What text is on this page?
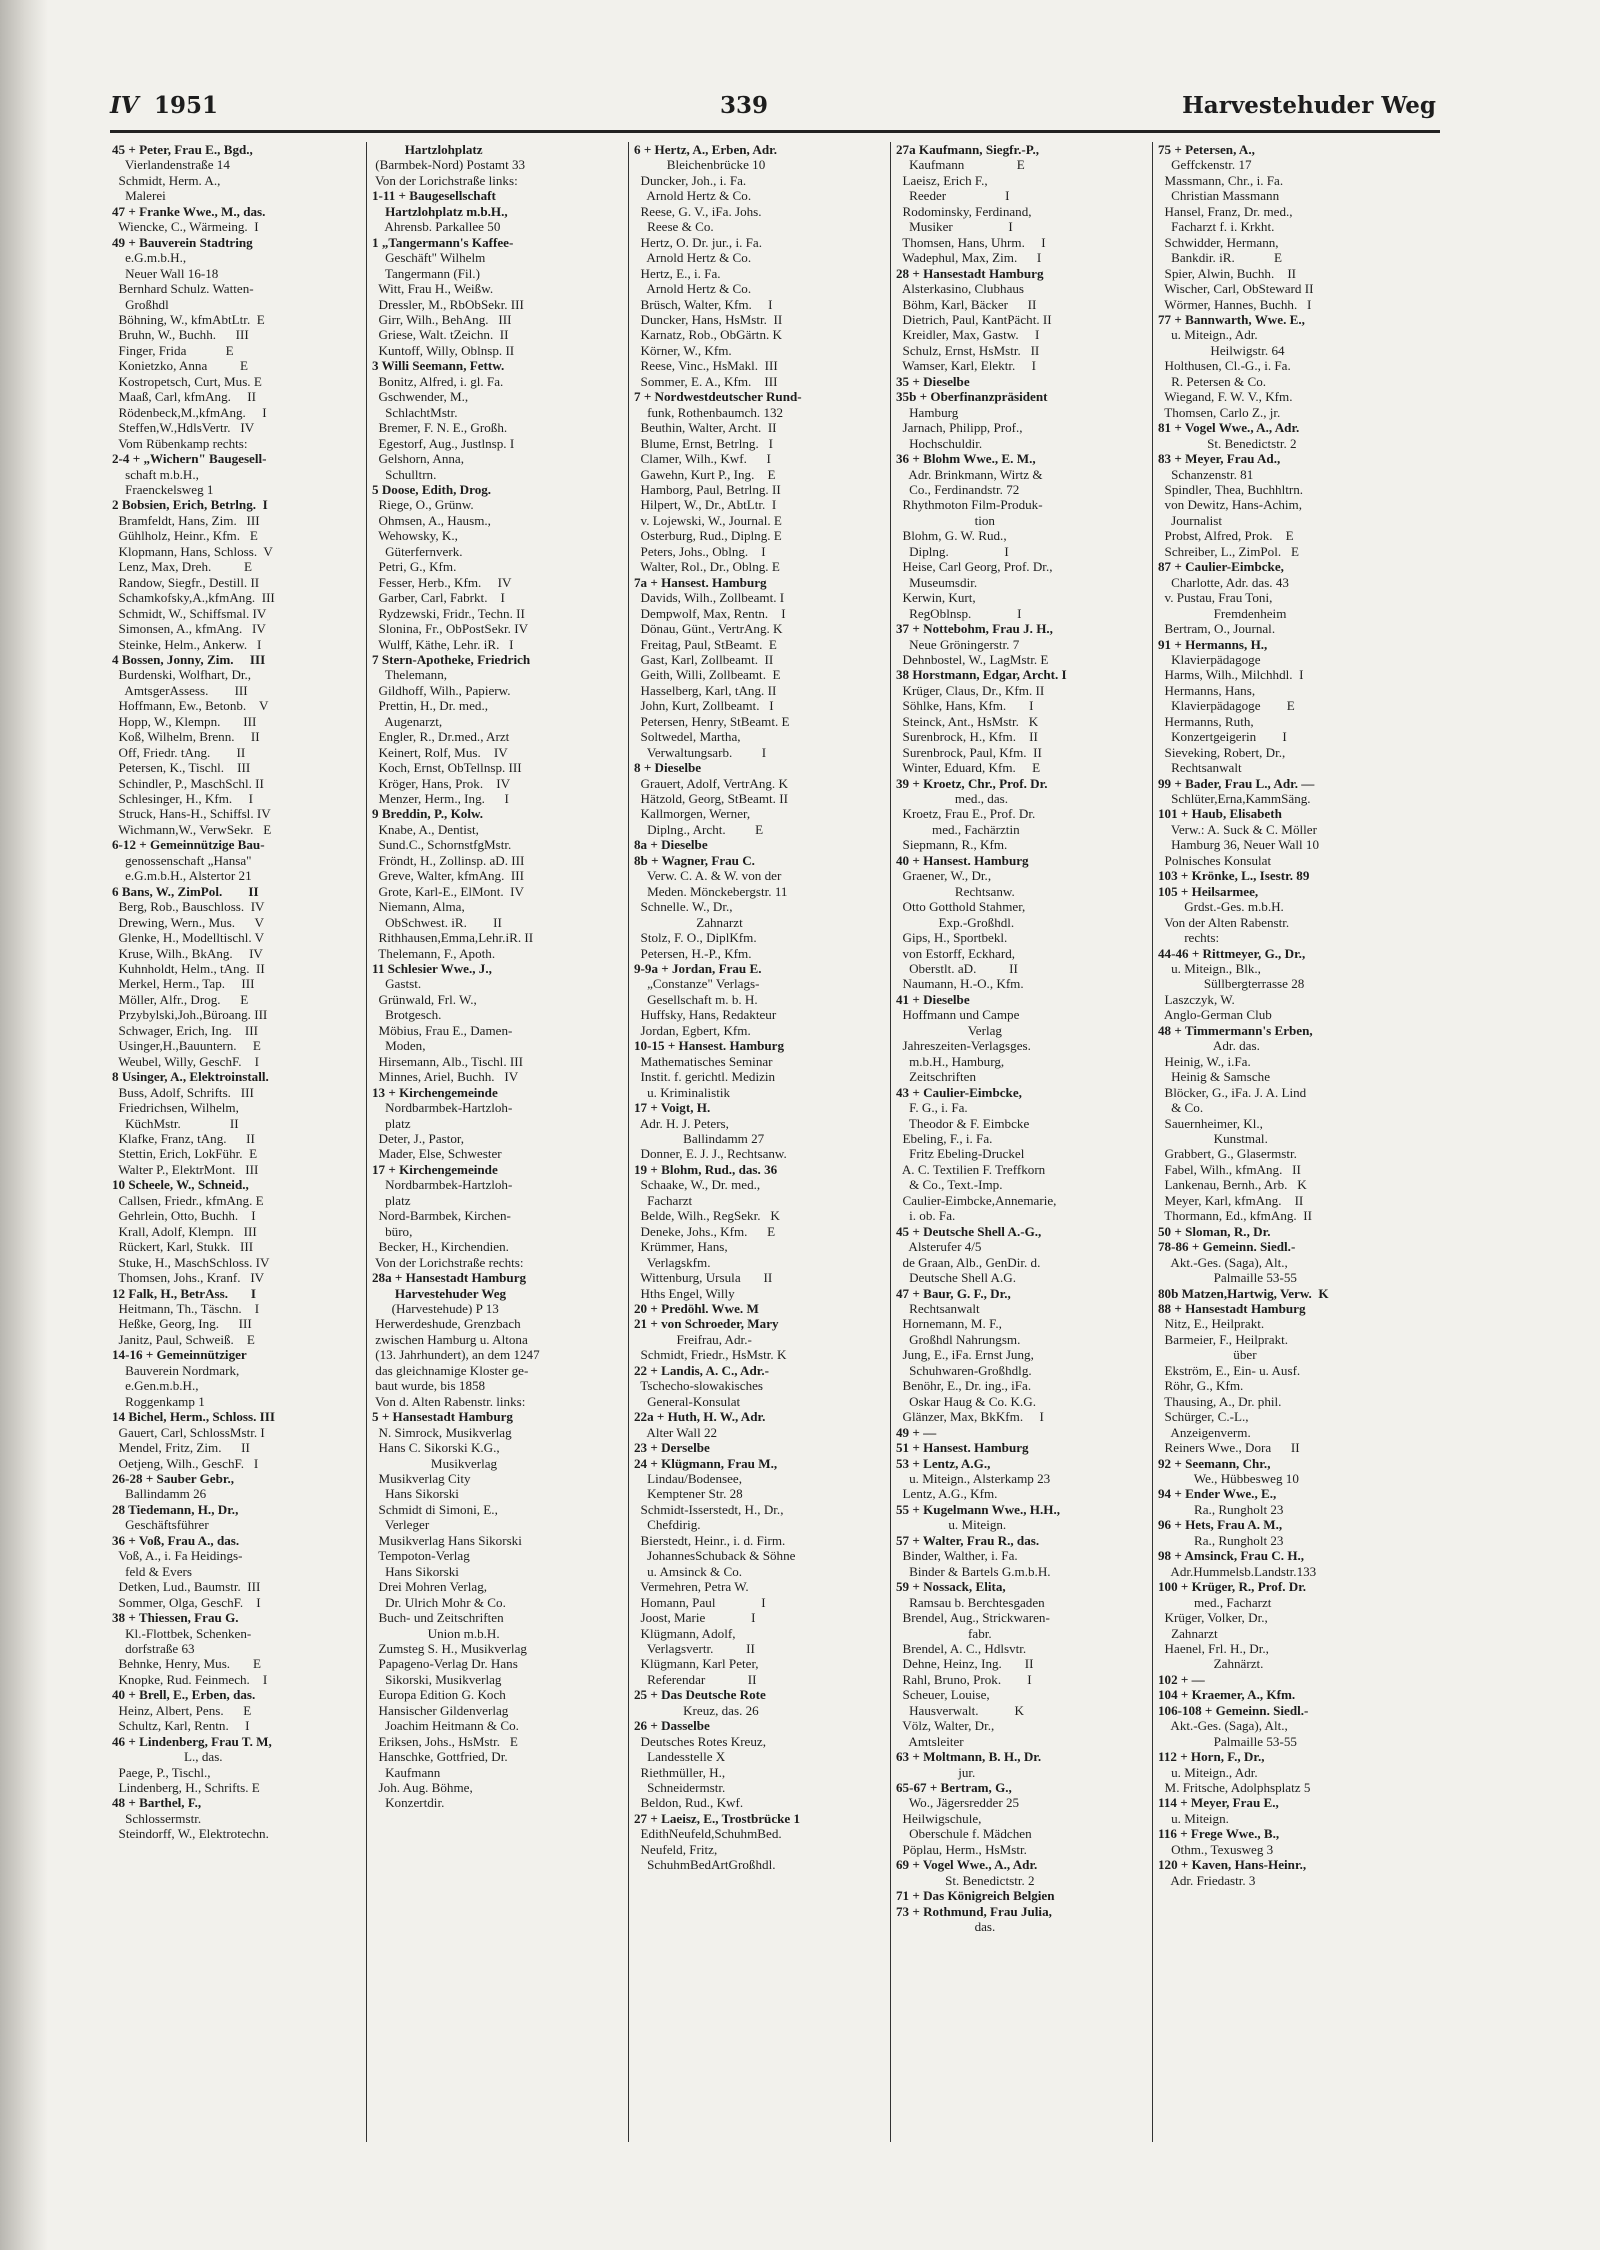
IV 1951	339	Harvestehuder Weg
45 + Peter, Frau E., Bgd.,
Vierlandenstraße 14
Schmidt, Herm. A.,
Malerei
47 + Franke Wwe., M., das.
Wiencke, C., Wärmeing.  I
49 + Bauverein Stadtring
e.G.m.b.H.,
Neuer Wall 16-18
Bernhard Schulz. Watten-
Großhdl
Böhning, W., kfmAbtLtr.  E
Bruhn, W., Buchh.      III
Finger, Frida            E
Konietzko, Anna          E
Kostropetsch, Curt, Mus. E
Maaß, Carl, kfmAng.     II
Rödenbeck,M.,kfmAng.     I
Steffen,W.,HdlsVertr.   IV
Vom Rübenkamp rechts:
2-4 + „Wichern" Baugesell-
schaft m.b.H.,
Fraenckelsweg 1
2 Bobsien, Erich, Betrlng.  I
Bramfeldt, Hans, Zim.   III
Gühlholz, Heinr., Kfm.   E
Klopmann, Hans, Schloss.  V
Lenz, Max, Dreh.          E
Randow, Siegfr., Destill. II
Schamkofsky,A.,kfmAng.  III
Schmidt, W., Schiffsmal. IV
Simonsen, A., kfmAng.   IV
Steinke, Helm., Ankerw.   I
4 Bossen, Jonny, Zim.     III
Burdenski, Wolfhart, Dr.,
AmtsgerAssess.        III
Hoffmann, Ew., Betonb.    V
Hopp, W., Klempn.       III
Koß, Wilhelm, Brenn.     II
Off, Friedr. tAng.        II
Petersen, K., Tischl.    III
Schindler, P., MaschSchl. II
Schlesinger, H., Kfm.     I
Struck, Hans-H., Schiffsl. IV
Wichmann,W., VerwSekr.   E
6-12 + Gemeinnützige Bau-
genossenschaft „Hansa"
e.G.m.b.H., Alstertor 21
6 Bans, W., ZimPol.        II
Berg, Rob., Bauschloss.  IV
Drewing, Wern., Mus.      V
Glenke, H., Modelltischl. V
Kruse, Wilh., BkAng.     IV
Kuhnholdt, Helm., tAng.  II
Merkel, Herm., Tap.     III
Möller, Alfr., Drog.      E
Przybylski,Joh.,Büroang. III
Schwager, Erich, Ing.    III
Usinger,H.,Bauuntern.     E
Weubel, Willy, GeschF.    I
8 Usinger, A., Elektroinstall.
Buss, Adolf, Schrifts.   III
Friedrichsen, Wilhelm,
KüchMstr.               II
Klafke, Franz, tAng.      II
Stettin, Erich, LokFühr.  E
Walter P., ElektrMont.   III
10 Scheele, W., Schneid.,
Callsen, Friedr., kfmAng. E
Gehrlein, Otto, Buchh.    I
Krall, Adolf, Klempn.   III
Rückert, Karl, Stukk.   III
Stuke, H., MaschSchloss. IV
Thomsen, Johs., Kranf.   IV
12 Falk, H., BetrAss.       I
Heitmann, Th., Täschn.    I
Heßke, Georg, Ing.      III
Janitz, Paul, Schweiß.    E
14-16 + Gemeinnütziger
Bauverein Nordmark,
e.Gen.m.b.H.,
Roggenkamp 1
14 Bichel, Herm., Schloss. III
Gauert, Carl, SchlossMstr. I
Mendel, Fritz, Zim.      II
Oetjeng, Wilh., GeschF.   I
26-28 + Sauber Gebr.,
Ballindamm 26
28 Tiedemann, H., Dr.,
Geschäftsführer
36 + Voß, Frau A., das.
Voß, A., i. Fa Heidings-
feld & Evers
Detken, Lud., Baumstr.  III
Sommer, Olga, GeschF.    I
38 + Thiessen, Frau G.
Kl.-Flottbek, Schenken-
dorfstraße 63
Behnke, Henry, Mus.       E
Knopke, Rud. Feinmech.    I
40 + Brell, E., Erben, das.
Heinz, Albert, Pens.      E
Schultz, Karl, Rentn.     I
46 + Lindenberg, Frau T. M,
L., das.
Paege, P., Tischl.,
Lindenberg, H., Schrifts. E
48 + Barthel, F.,
Schlossermstr.
Steindorff, W., Elektrotechn.
Hartzlohplatz
(Barmbek-Nord) Postamt 33
Von der Lorichstraße links:
1-11 + Baugesellschaft
Hartzlohplatz m.b.H.,
Ahrensb. Parkallee 50
1 „Tangermann's Kaffee-
Geschäft" Wilhelm
Tangermann (Fil.)
Witt, Frau H., Weißw.
Dressler, M., RbObSekr. III
Girr, Wilh., BehAng.   III
Griese, Walt. tZeichn.  II
Kuntoff, Willy, Oblnsp. II
3 Willi Seemann, Fettw.
Bonitz, Alfred, i. gl. Fa.
Gschwender, M.,
SchlachtMstr.
Bremer, F. N. E., Großh.
Egestorf, Aug., Justlnsp. I
Gelshorn, Anna,
Schulltrn.
5 Doose, Edith, Drog.
Riege, O., Grünw.
Ohmsen, A., Hausm.,
Wehowsky, K.,
Güterfernverk.
Petri, G., Kfm.
Fesser, Herb., Kfm.     IV
Garber, Carl, Fabrkt.    I
Rydzewski, Fridr., Techn. II
Slonina, Fr., ObPostSekr. IV
Wulff, Käthe, Lehr. iR.   I
7 Stern-Apotheke, Friedrich
Thelemann,
Gildhoff, Wilh., Papierw.
Prettin, H., Dr. med.,
Augenarzt,
Engler, R., Dr.med., Arzt
Keinert, Rolf, Mus.    IV
Koch, Ernst, ObTellnsp. III
Kröger, Hans, Prok.    IV
Menzer, Herm., Ing.      I
9 Breddin, P., Kolw.
Knabe, A., Dentist,
Sund.C., SchornstfgMstr.
Fröndt, H., Zollinsp. aD. III
Greve, Walter, kfmAng.  III
Grote, Karl-E., ElMont.  IV
Niemann, Alma,
ObSchwest. iR.        II
Rithhausen,Emma,Lehr.iR. II
Thelemann, F., Apoth.
11 Schlesier Wwe., J.,
Gastst.
Grünwald, Frl. W.,
Brotgesch.
Möbius, Frau E., Damen-
Moden,
Hirsemann, Alb., Tischl. III
Minnes, Ariel, Buchh.   IV
13 + Kirchengemeinde
Nordbarmbek-Hartzloh-
platz
Deter, J., Pastor,
Mader, Else, Schwester
17 + Kirchengemeinde
Nordbarmbek-Hartzloh-
platz
Nord-Barmbek, Kirchen-
büro,
Becker, H., Kirchendien.
Von der Lorichstraße rechts:
28a + Hansestadt Hamburg
Harvestehuder Weg
(Harvestehude) P 13
Herwerdeshude, Grenzbach
zwischen Hamburg u. Altona
(13. Jahrhundert), an dem 1247
das gleichnamige Kloster ge-
baut wurde, bis 1858
Von d. Alten Rabenstr. links:
5 + Hansestadt Hamburg
N. Simrock, Musikverlag
Hans C. Sikorski K.G.,
Musikverlag
Musikverlag City
Hans Sikorski
Schmidt di Simoni, E.,
Verleger
Musikverlag Hans Sikorski
Tempoton-Verlag
Hans Sikorski
Drei Mohren Verlag,
Dr. Ulrich Mohr & Co.
Buch- und Zeitschriften
Union m.b.H.
Zumsteg S. H., Musikverlag
Papageno-Verlag Dr. Hans
Sikorski, Musikverlag
Europa Edition G. Koch
Hansischer Gildenverlag
Joachim Heitmann & Co.
Eriksen, Johs., HsMstr.   E
Hanschke, Gottfried, Dr.
Kaufmann
Joh. Aug. Böhme,
Konzertdir.
6 + Hertz, A., Erben, Adr.
Bleichenbrücke 10
Duncker, Joh., i. Fa.
Arnold Hertz & Co.
Reese, G. V., iFa. Johs.
Reese & Co.
Hertz, O. Dr. jur., i. Fa.
Arnold Hertz & Co.
Hertz, E., i. Fa.
Arnold Hertz & Co.
Brüsch, Walter, Kfm.     I
Duncker, Hans, HsMstr.  II
Karnatz, Rob., ObGärtn. K
Körner, W., Kfm.
Reese, Vinc., HsMakl.  III
Sommer, E. A., Kfm.    III
7 + Nordwestdeutscher Rund-
funk, Rothenbaumch. 132
Beuthin, Walter, Archt.  II
Blume, Ernst, Betrlng.   I
Clamer, Wilh., Kwf.      I
Gawehn, Kurt P., Ing.    E
Hamborg, Paul, Betrlng. II
Hilpert, W., Dr., AbtLtr.  I
v. Lojewski, W., Journal. E
Osterburg, Rud., Diplng. E
Peters, Johs., Oblng.    I
Walter, Rol., Dr., Oblng. E
7a + Hansest. Hamburg
Davids, Wilh., Zollbeamt. I
Dempwolf, Max, Rentn.    I
Dönau, Günt., VertrAng. K
Freitag, Paul, StBeamt.  E
Gast, Karl, Zollbeamt.  II
Geith, Willi, Zollbeamt.  E
Hasselberg, Karl, tAng. II
John, Kurt, Zollbeamt.   I
Petersen, Henry, StBeamt. E
Soltwedel, Martha,
Verwaltungsarb.         I
8 + Dieselbe
Grauert, Adolf, VertrAng. K
Hätzold, Georg, StBeamt. II
Kallmorgen, Werner,
Diplng., Archt.         E
8a + Dieselbe
8b + Wagner, Frau C.
Verw. C. A. & W. von der
Meden. Mönckebergstr. 11
Schnelle. W., Dr.,
Zahnarzt
Stolz, F. O., DiplKfm.
Petersen, H.-P., Kfm.
9-9a + Jordan, Frau E.
„Constanze" Verlags-
Gesellschaft m. b. H.
Huffsky, Hans, Redakteur
Jordan, Egbert, Kfm.
10-15 + Hansest. Hamburg
Mathematisches Seminar
Instit. f. gerichtl. Medizin
u. Kriminalistik
17 + Voigt, H.
Adr. H. J. Peters,
Ballindamm 27
Donner, E. J. J., Rechtsanw.
19 + Blohm, Rud., das. 36
Schaake, W., Dr. med.,
Facharzt
Belde, Wilh., RegSekr.   K
Deneke, Johs., Kfm.      E
Krümmer, Hans,
Verlagskfm.
Wittenburg, Ursula       II
Hths Engel, Willy
20 + Predöhl. Wwe. M
21 + von Schroeder, Mary
Freifrau, Adr.-
Schmidt, Friedr., HsMstr. K
22 + Landis, A. C., Adr.-
Tschecho-slowakisches
General-Konsulat
22a + Huth, H. W., Adr.
Alter Wall 22
23 + Derselbe
24 + Klügmann, Frau M.,
Lindau/Bodensee,
Kemptener Str. 28
Schmidt-Isserstedt, H., Dr.,
Chefdirig.
Bierstedt, Heinr., i. d. Firm.
JohannesSchuback & Söhne
u. Amsinck & Co.
Vermehren, Petra W.
Homann, Paul              I
Joost, Marie              I
Klügmann, Adolf,
Verlagsvertr.          II
Klügmann, Karl Peter,
Referendar             II
25 + Das Deutsche Rote
Kreuz, das. 26
26 + Dasselbe
Deutsches Rotes Kreuz,
Landesstelle X
Riethmüller, H.,
Schneidermstr.
Beldon, Rud., Kwf.
27 + Laeisz, E., Trostbrücke 1
EdithNeufeld,SchuhmBed.
Neufeld, Fritz,
SchuhmBedArtGroßhdl.
27a Kaufmann, Siegfr.-P.,
Kaufmann                E
Laeisz, Erich F.,
Reeder                  I
Rodominsky, Ferdinand,
Musiker                 I
Thomsen, Hans, Uhrm.     I
Wadephul, Max, Zim.      I
28 + Hansestadt Hamburg
Alsterkasino, Clubhaus
Böhm, Karl, Bäcker      II
Dietrich, Paul, KantPächt. II
Kreidler, Max, Gastw.     I
Schulz, Ernst, HsMstr.   II
Wamser, Karl, Elektr.     I
35 + Dieselbe
35b + Oberfinanzpräsident
Hamburg
Jarnach, Philipp, Prof.,
Hochschuldir.
36 + Blohm Wwe., E. M.,
Adr. Brinkmann, Wirtz &
Co., Ferdinandstr. 72
Rhythmoton Film-Produk-
tion
Blohm, G. W. Rud.,
Diplng.                 I
Heise, Carl Georg, Prof. Dr.,
Museumsdir.
Kerwin, Kurt,
RegOblnsp.              I
37 + Nottebohm, Frau J. H.,
Neue Gröningerstr. 7
Dehnbostel, W., LagMstr. E
38 Horstmann, Edgar, Archt. I
Krüger, Claus, Dr., Kfm. II
Söhlke, Hans, Kfm.       I
Steinck, Ant., HsMstr.   K
Surenbrock, H., Kfm.    II
Surenbrock, Paul, Kfm.  II
Winter, Eduard, Kfm.     E
39 + Kroetz, Chr., Prof. Dr.
med., das.
Kroetz, Frau E., Prof. Dr.
med., Fachärztin
Siepmann, R., Kfm.
40 + Hansest. Hamburg
Graener, W., Dr.,
Rechtsanw.
Otto Gotthold Stahmer,
Exp.-Großhdl.
Gips, H., Sportbekl.
von Estorff, Eckhard,
Oberstlt. aD.          II
Naumann, H.-O., Kfm.
41 + Dieselbe
Hoffmann und Campe
Verlag
Jahreszeiten-Verlagsges.
m.b.H., Hamburg,
Zeitschriften
43 + Caulier-Eimbcke,
F. G., i. Fa.
Theodor & F. Eimbcke
Ebeling, F., i. Fa.
Fritz Ebeling-Druckel
A. C. Textilien F. Treffkorn
& Co., Text.-Imp.
Caulier-Eimbcke,Annemarie,
i. ob. Fa.
45 + Deutsche Shell A.-G.,
Alsterufer 4/5
de Graan, Alb., GenDir. d.
Deutsche Shell A.G.
47 + Baur, G. F., Dr.,
Rechtsanwalt
Hornemann, M. F.,
Großhdl Nahrungsm.
Jung, E., iFa. Ernst Jung,
Schuhwaren-Großhdlg.
Benöhr, E., Dr. ing., iFa.
Oskar Haug & Co. K.G.
Glänzer, Max, BkKfm.     I
49 + —
51 + Hansest. Hamburg
53 + Lentz, A.G.,
u. Miteign., Alsterkamp 23
Lentz, A.G., Kfm.
55 + Kugelmann Wwe., H.H.,
u. Miteign.
57 + Walter, Frau R., das.
Binder, Walther, i. Fa.
Binder & Bartels G.m.b.H.
59 + Nossack, Elita,
Ramsau b. Berchtesgaden
Brendel, Aug., Strickwaren-
fabr.
Brendel, A. C., Hdlsvtr.
Dehne, Heinz, Ing.       II
Rahl, Bruno, Prok.        I
Scheuer, Louise,
Hausverwalt.           K
Völz, Walter, Dr.,
Amtsleiter
63 + Moltmann, B. H., Dr.
jur.
65-67 + Bertram, G.,
Wo., Jägersredder 25
Heilwigschule,
Oberschule f. Mädchen
Pöplau, Herm., HsMstr.
69 + Vogel Wwe., A., Adr.
St. Benedictstr. 2
71 + Das Königreich Belgien
73 + Rothmund, Frau Julia,
das.
75 + Petersen, A.,
Geffckenstr. 17
Massmann, Chr., i. Fa.
Christian Massmann
Hansel, Franz, Dr. med.,
Facharzt f. i. Krkht.
Schwidder, Hermann,
Bankdir. iR.            E
Spier, Alwin, Buchh.    II
Wischer, Carl, ObSteward II
Wörmer, Hannes, Buchh.   I
77 + Bannwarth, Wwe. E.,
u. Miteign., Adr.
Heilwigstr. 64
Holthusen, Cl.-G., i. Fa.
R. Petersen & Co.
Wiegand, F. W. V., Kfm.
Thomsen, Carlo Z., jr.
81 + Vogel Wwe., A., Adr.
St. Benedictstr. 2
83 + Meyer, Frau Ad.,
Schanzenstr. 81
Spindler, Thea, Buchhltrn.
von Dewitz, Hans-Achim,
Journalist
Probst, Alfred, Prok.    E
Schreiber, L., ZimPol.   E
87 + Caulier-Eimbcke,
Charlotte, Adr. das. 43
v. Pustau, Frau Toni,
Fremdenheim
Bertram, O., Journal.
91 + Hermanns, H.,
Klavierpädagoge
Harms, Wilh., Milchhdl.  I
Hermanns, Hans,
Klavierpädagoge        E
Hermanns, Ruth,
Konzertgeigerin        I
Sieveking, Robert, Dr.,
Rechtsanwalt
99 + Bader, Frau L., Adr. —
Schlüter,Erna,KammSäng.
101 + Haub, Elisabeth
Verw.: A. Suck & C. Möller
Hamburg 36, Neuer Wall 10
Polnisches Konsulat
103 + Krönke, L., Isestr. 89
105 + Heilsarmee,
Grdst.-Ges. m.b.H.
Von der Alten Rabenstr.
rechts:
44-46 + Rittmeyer, G., Dr.,
u. Miteign., Blk.,
Süllbergterrasse 28
Laszczyk, W.
Anglo-German Club
48 + Timmermann's Erben,
Adr. das.
Heinig, W., i.Fa.
Heinig & Samsche
Blöcker, G., iFa. J. A. Lind
& Co.
Sauernheimer, Kl.,
Kunstmal.
Grabbert, G., Glasermstr.
Fabel, Wilh., kfmAng.   II
Lankenau, Bernh., Arb.   K
Meyer, Karl, kfmAng.    II
Thormann, Ed., kfmAng.  II
50 + Sloman, R., Dr.
78-86 + Gemeinn. Siedl.-
Akt.-Ges. (Saga), Alt.,
Palmaille 53-55
80b Matzen,Hartwig, Verw.  K
88 + Hansestadt Hamburg
Nitz, E., Heilprakt.
Barmeier, F., Heilprakt.
über
Ekström, E., Ein- u. Ausf.
Röhr, G., Kfm.
Thausing, A., Dr. phil.
Schürger, C.-L.,
Anzeigenverm.
Reiners Wwe., Dora      II
92 + Seemann, Chr.,
We., Hübbesweg 10
94 + Ender Wwe., E.,
Ra., Rungholt 23
96 + Hets, Frau A. M.,
Ra., Rungholt 23
98 + Amsinck, Frau C. H.,
Adr.Hummelsb.Landstr.133
100 + Krüger, R., Prof. Dr.
med., Facharzt
Krüger, Volker, Dr.,
Zahnarzt
Haenel, Frl. H., Dr.,
Zahnärzt.
102 + —
104 + Kraemer, A., Kfm.
106-108 + Gemeinn. Siedl.-
Akt.-Ges. (Saga), Alt.,
Palmaille 53-55
112 + Horn, F., Dr.,
u. Miteign., Adr.
M. Fritsche, Adolphsplatz 5
114 + Meyer, Frau E.,
u. Miteign.
116 + Frege Wwe., B.,
Othm., Texusweg 3
120 + Kaven, Hans-Heinr.,
Adr. Friedastr. 3
